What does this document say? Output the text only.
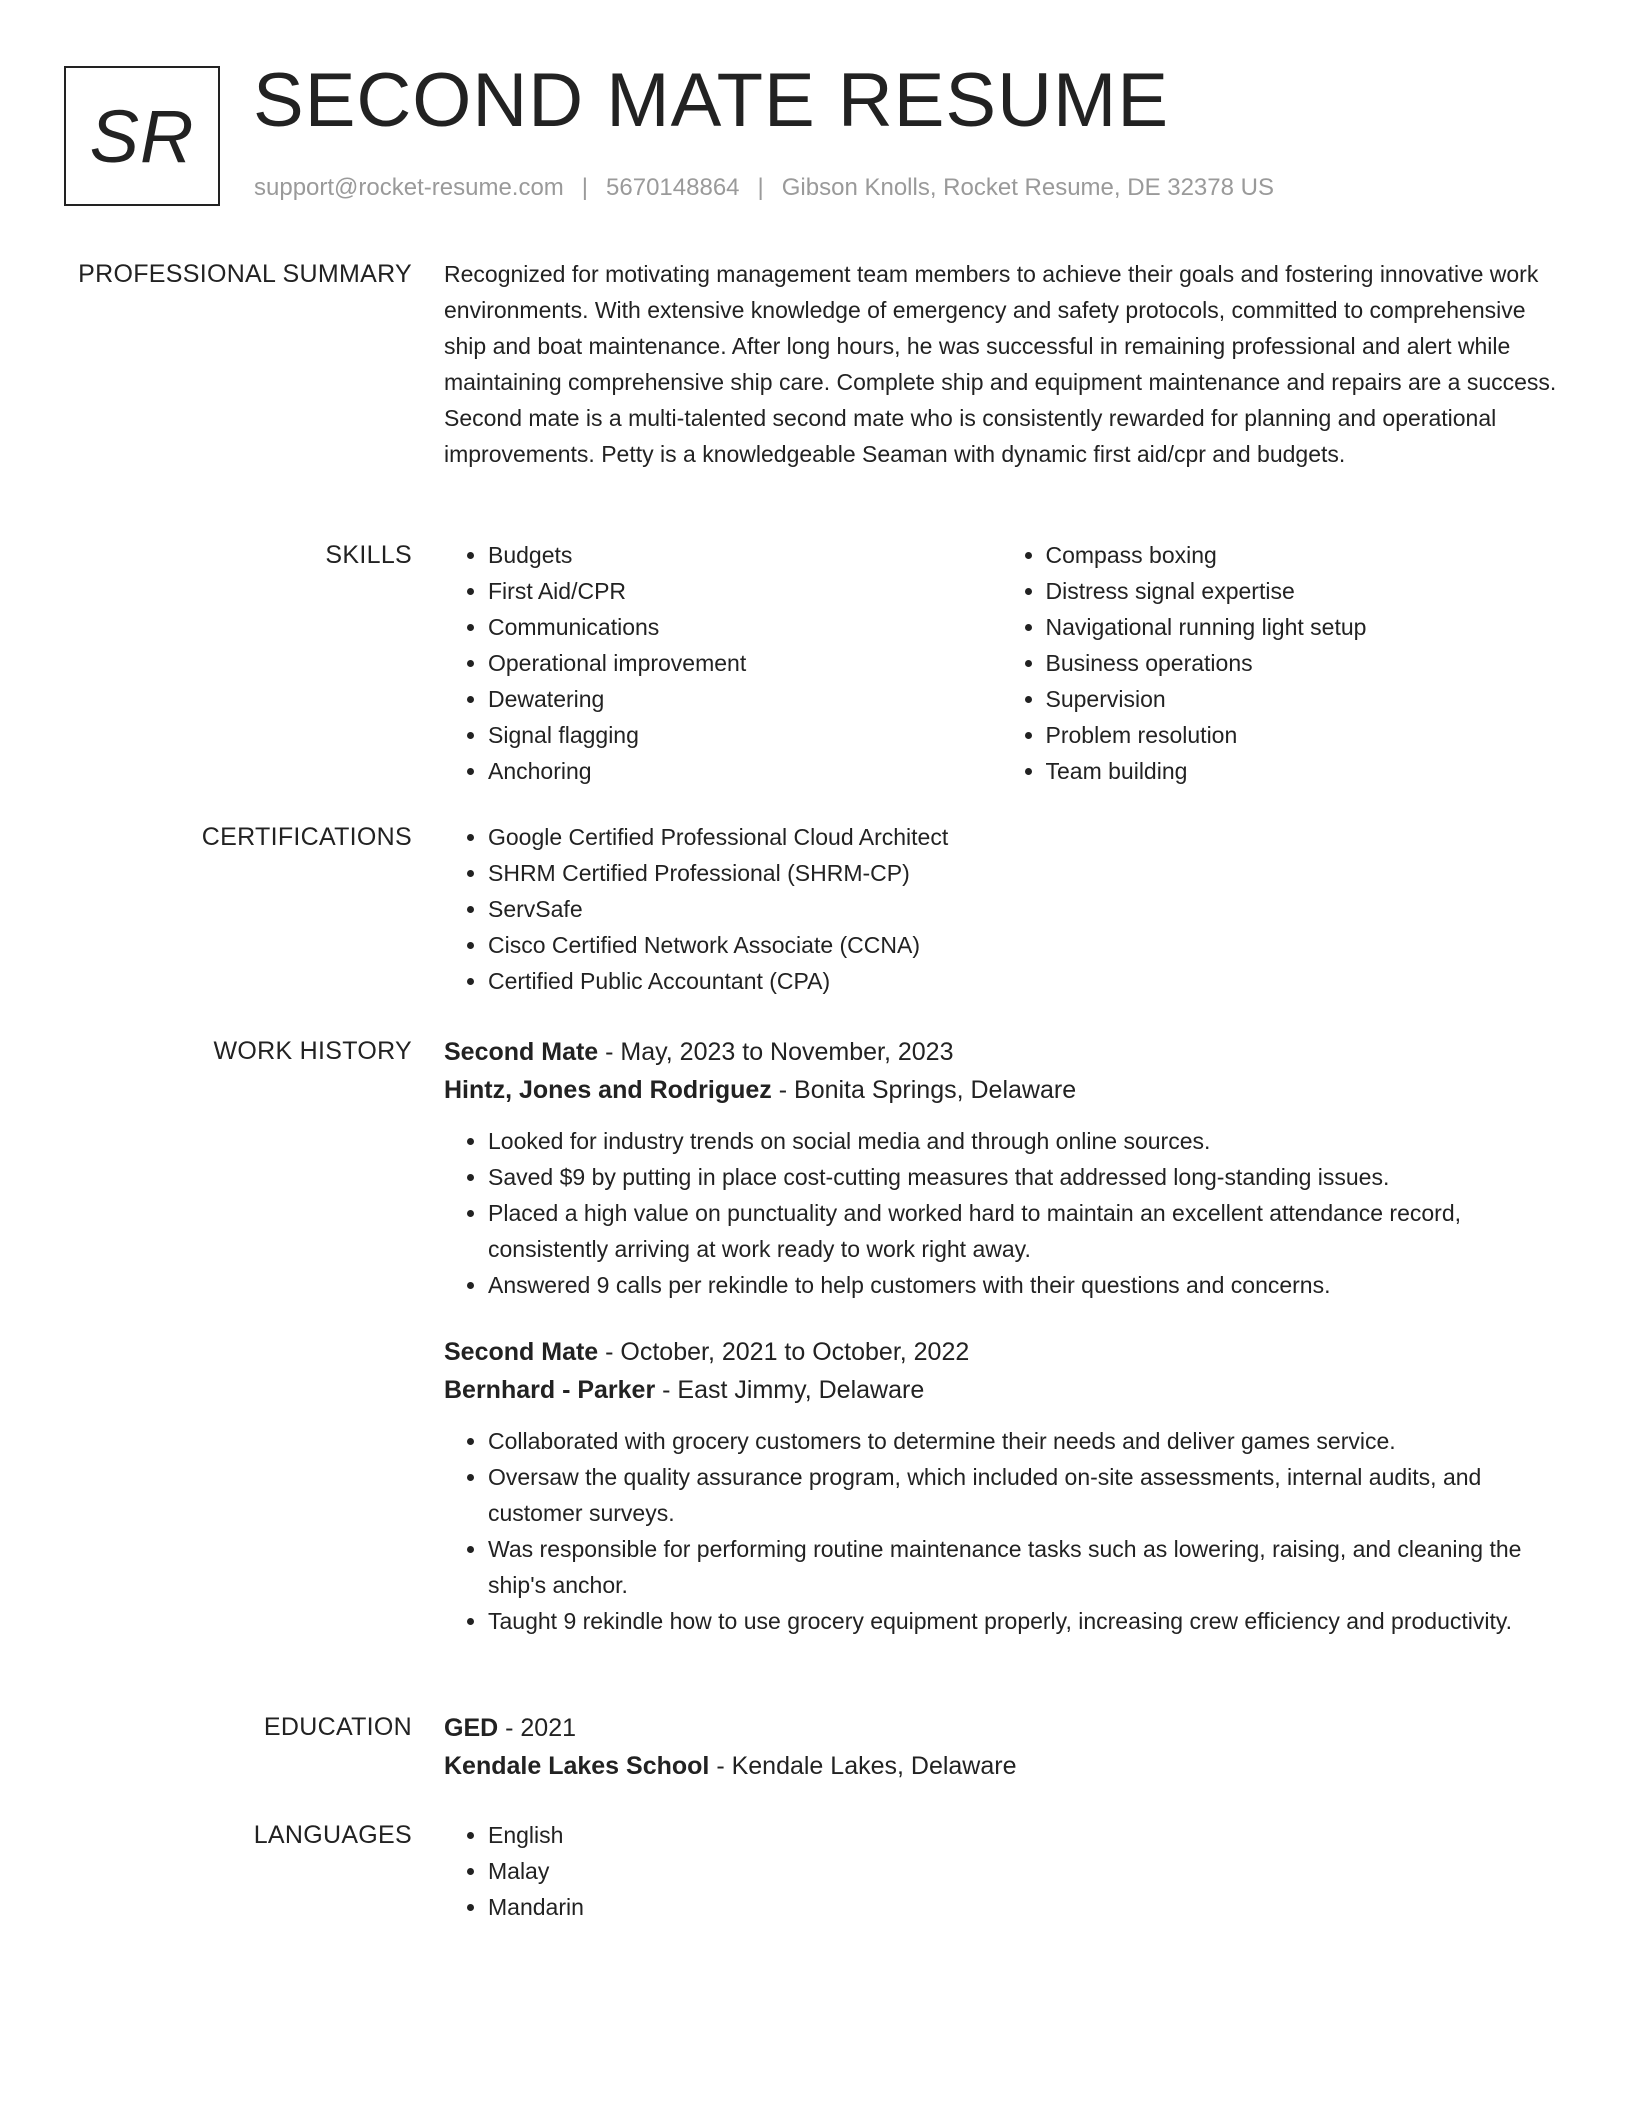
SR SECOND MATE RESUME
support@rocket-resume.com | 5670148864 | Gibson Knolls, Rocket Resume, DE 32378 US
PROFESSIONAL SUMMARY Recognized for motivating management team members to achieve their goals and fostering innovative work environments. With extensive knowledge of emergency and safety protocols, committed to comprehensive ship and boat maintenance. After long hours, he was successful in remaining professional and alert while maintaining comprehensive ship care. Complete ship and equipment maintenance and repairs are a success. Second mate is a multi-talented second mate who is consistently rewarded for planning and operational improvements. Petty is a knowledgeable Seaman with dynamic first aid/cpr and budgets.

SKILLS	• Budgets
• First Aid/CPR
• Communications
• Operational improvement
• Dewatering
• Signal flagging
• Anchoring
• Compass boxing
• Distress signal expertise
• Navigational running light setup
• Business operations
• Supervision
• Problem resolution
• Team building
CERTIFICATIONS	• Google Certified Professional Cloud Architect
• SHRM Certified Professional (SHRM-CP)
• ServSafe
• Cisco Certified Network Associate (CCNA)
• Certified Public Accountant (CPA)
WORK HISTORY Second Mate - May, 2023 to November, 2023
Hintz, Jones and Rodriguez - Bonita Springs, Delaware
• Looked for industry trends on social media and through online sources.
• Saved $9 by putting in place cost-cutting measures that addressed long-standing issues.
• Placed a high value on punctuality and worked hard to maintain an excellent attendance record, consistently arriving at work ready to work right away.
• Answered 9 calls per rekindle to help customers with their questions and concerns.
Second Mate - October, 2021 to October, 2022
Bernhard - Parker - East Jimmy, Delaware
• Collaborated with grocery customers to determine their needs and deliver games service.
• Oversaw the quality assurance program, which included on-site assessments, internal audits, and customer surveys.
• Was responsible for performing routine maintenance tasks such as lowering, raising, and cleaning the ship's anchor.
• Taught 9 rekindle how to use grocery equipment properly, increasing crew efficiency and productivity.
EDUCATION GED - 2021
Kendale Lakes School - Kendale Lakes, Delaware
LANGUAGES	• English
• Malay
• Mandarin
